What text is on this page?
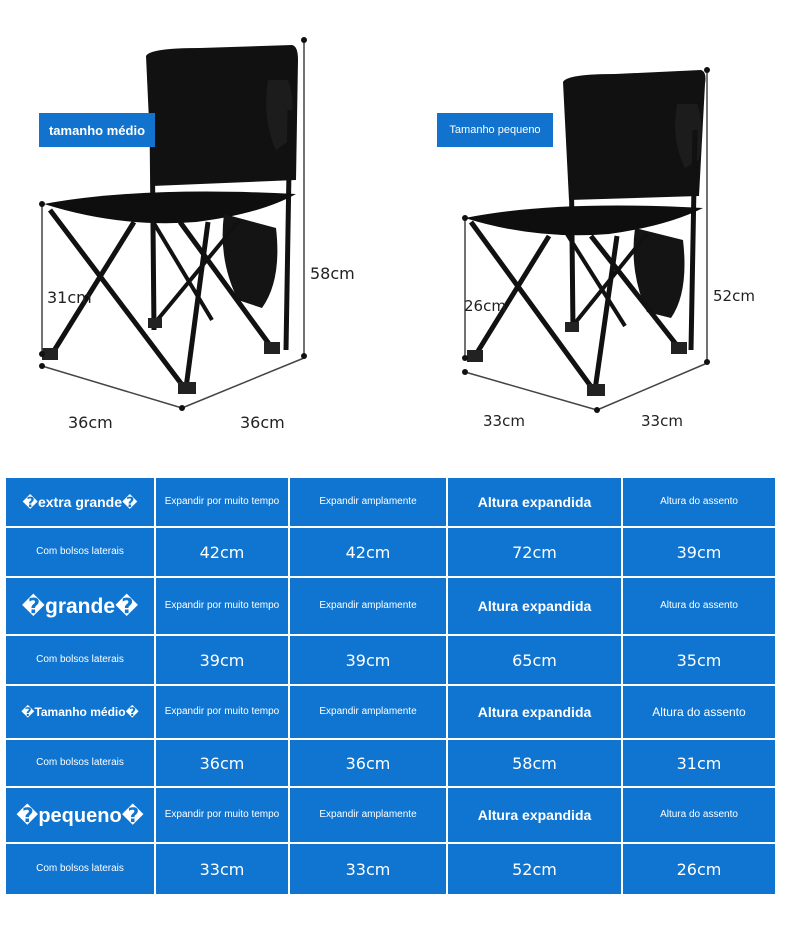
tamanho médio	Tamanho pequeno
31cm
58cm
36cm	36cm
26cm
52cm
33cm	33cm
�extra grande�	Expandir por muito tempo	Expandir amplamente	Altura expandida	Altura do assento
Com bolsos laterais	42cm	42cm	72cm	39cm
�grande�	Expandir por muito tempo	Expandir amplamente	Altura expandida	Altura do assento
Com bolsos laterais	39cm	39cm	65cm	35cm
�Tamanho médio�	Expandir por muito tempo	Expandir amplamente	Altura expandida	Altura do assento
Com bolsos laterais	36cm	36cm	58cm	31cm
�pequeno�	Expandir por muito tempo	Expandir amplamente	Altura expandida	Altura do assento
Com bolsos laterais	33cm	33cm	52cm	26cm
